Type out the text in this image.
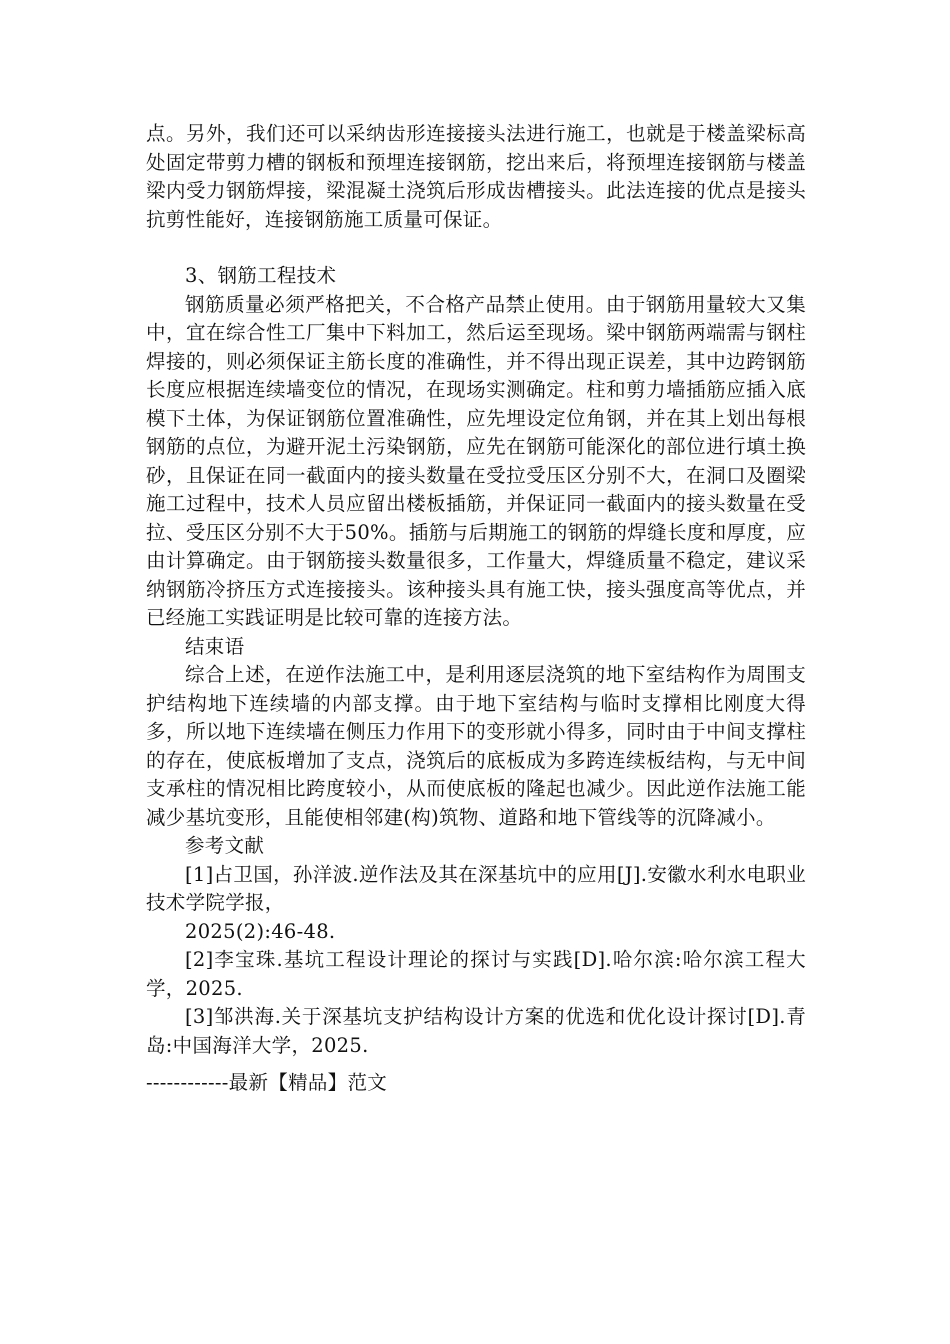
点。另外，我们还可以采纳齿形连接接头法进行施工，也就是于楼盖梁标高处固定带剪力槽的钢板和预埋连接钢筋，挖出来后，将预埋连接钢筋与楼盖梁内受力钢筋焊接，梁混凝土浇筑后形成齿槽接头。此法连接的优点是接头抗剪性能好，连接钢筋施工质量可保证。

3、钢筋工程技术

钢筋质量必须严格把关，不合格产品禁止使用。由于钢筋用量较大又集中，宜在综合性工厂集中下料加工，然后运至现场。梁中钢筋两端需与钢柱焊接的，则必须保证主筋长度的准确性，并不得出现正误差，其中边跨钢筋长度应根据连续墙变位的情况，在现场实测确定。柱和剪力墙插筋应插入底模下土体，为保证钢筋位置准确性，应先埋设定位角钢，并在其上划出每根钢筋的点位，为避开泥土污染钢筋，应先在钢筋可能深化的部位进行填土换砂，且保证在同一截面内的接头数量在受拉受压区分别不大，在洞口及圈梁施工过程中，技术人员应留出楼板插筋，并保证同一截面内的接头数量在受拉、受压区分别不大于50%。插筋与后期施工的钢筋的焊缝长度和厚度，应由计算确定。由于钢筋接头数量很多，工作量大，焊缝质量不稳定，建议采纳钢筋冷挤压方式连接接头。该种接头具有施工快，接头强度高等优点，并已经施工实践证明是比较可靠的连接方法。

结束语

综合上述，在逆作法施工中，是利用逐层浇筑的地下室结构作为周围支护结构地下连续墙的内部支撑。由于地下室结构与临时支撑相比刚度大得多，所以地下连续墙在侧压力作用下的变形就小得多，同时由于中间支撑柱的存在，使底板增加了支点，浇筑后的底板成为多跨连续板结构，与无中间支承柱的情况相比跨度较小，从而使底板的隆起也减少。因此逆作法施工能减少基坑变形，且能使相邻建(构)筑物、道路和地下管线等的沉降减小。

参考文献

[1]占卫国，孙洋波.逆作法及其在深基坑中的应用[J].安徽水利水电职业技术学院学报，

2025(2):46-48.

[2]李宝珠.基坑工程设计理论的探讨与实践[D].哈尔滨:哈尔滨工程大学，2025.

[3]邹洪海.关于深基坑支护结构设计方案的优选和优化设计探讨[D].青岛:中国海洋大学，2025.

------------最新【精品】范文
